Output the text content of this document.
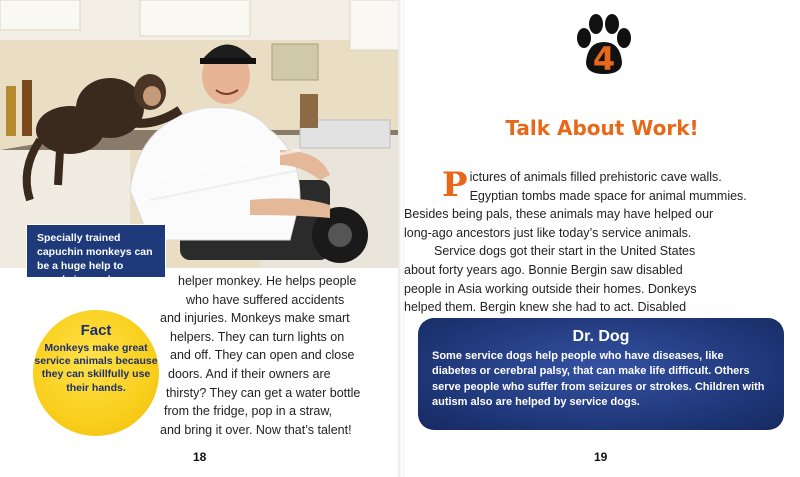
Specially trained capuchin monkeys can be a huge help to people in need.	helper monkey. He helps people
who have suffered accidents
and injuries. Monkeys make smart
helpers. They can turn lights on
and off. They can open and close
doors. And if their owners are
thirsty? They can get a water bottle
from the fridge, pop in a straw,
and bring it over. Now that’s talent!
Fact
Monkeys make great service animals because they can skillfully use their hands.
18
4
Talk About Work!
P ictures of animals filled prehistoric cave walls.
Egyptian tombs made space for animal mummies.
Besides being pals, these animals may have helped our
long-ago ancestors just like today’s service animals.
Service dogs got their start in the United States
about forty years ago. Bonnie Bergin saw disabled
people in Asia working outside their homes. Donkeys
helped them. Bergin knew she had to act. Disabled
Dr. Dog
Some service dogs help people who have diseases, like diabetes or cerebral palsy, that can make life difficult. Others serve people who suffer from seizures or strokes. Children with autism also are helped by service dogs.
19
